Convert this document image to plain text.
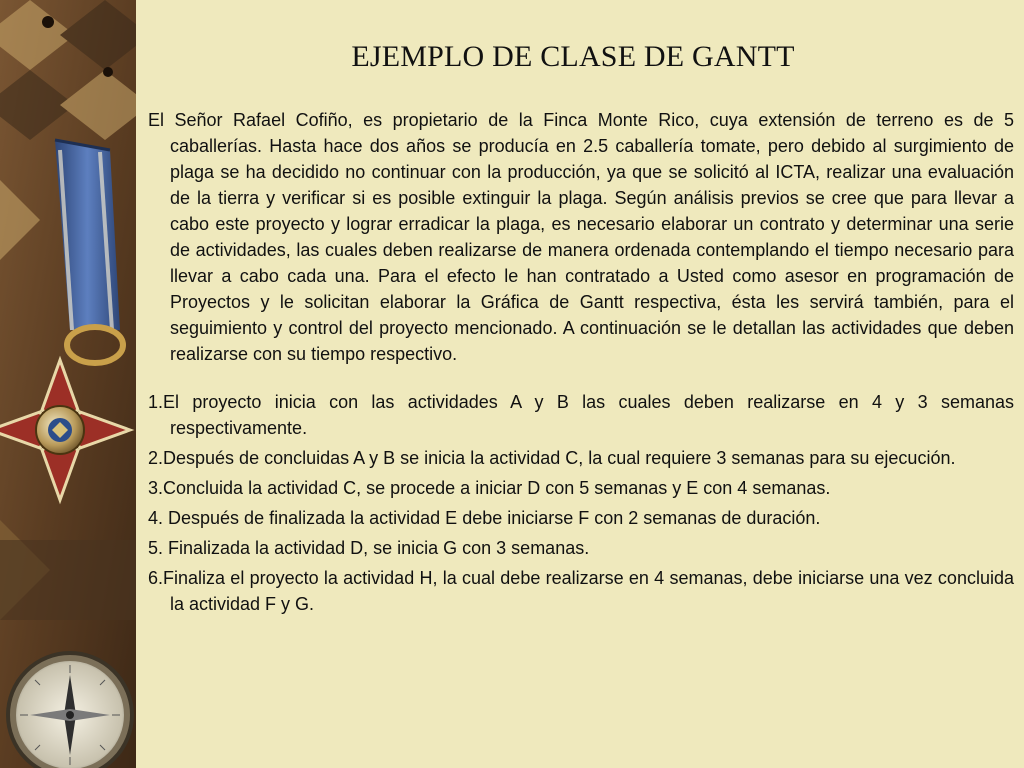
EJEMPLO DE CLASE DE GANTT

El Señor Rafael Cofiño, es propietario de la Finca Monte Rico, cuya extensión de terreno es de 5 caballerías. Hasta hace dos años se producía en 2.5 caballería tomate, pero debido al surgimiento de plaga se ha decidido no continuar con la producción, ya que se solicitó al ICTA, realizar una evaluación de la tierra y verificar si es posible extinguir la plaga. Según análisis previos se cree que para llevar a cabo este proyecto y lograr erradicar la plaga, es necesario elaborar un contrato y determinar una serie de actividades, las cuales deben realizarse de manera ordenada contemplando el tiempo necesario para llevar a cabo cada una. Para el efecto le han contratado a Usted como asesor en programación de Proyectos y le solicitan elaborar la Gráfica de Gantt respectiva, ésta les servirá también, para el seguimiento y control del proyecto mencionado. A continuación se le detallan las actividades que deben realizarse con su tiempo respectivo.

1.El proyecto inicia con las actividades A y B las cuales deben realizarse en 4 y 3 semanas respectivamente.
2.Después de concluidas A y B se inicia la actividad C, la cual requiere 3 semanas para su ejecución.
3.Concluida la actividad C, se procede a iniciar D con 5 semanas y E con 4 semanas.
4. Después de finalizada la actividad E debe iniciarse F con 2 semanas de duración.
5. Finalizada la actividad D, se inicia G con 3 semanas.
6.Finaliza el proyecto la actividad H, la cual debe realizarse en 4 semanas, debe iniciarse una vez concluida la actividad F y G.
